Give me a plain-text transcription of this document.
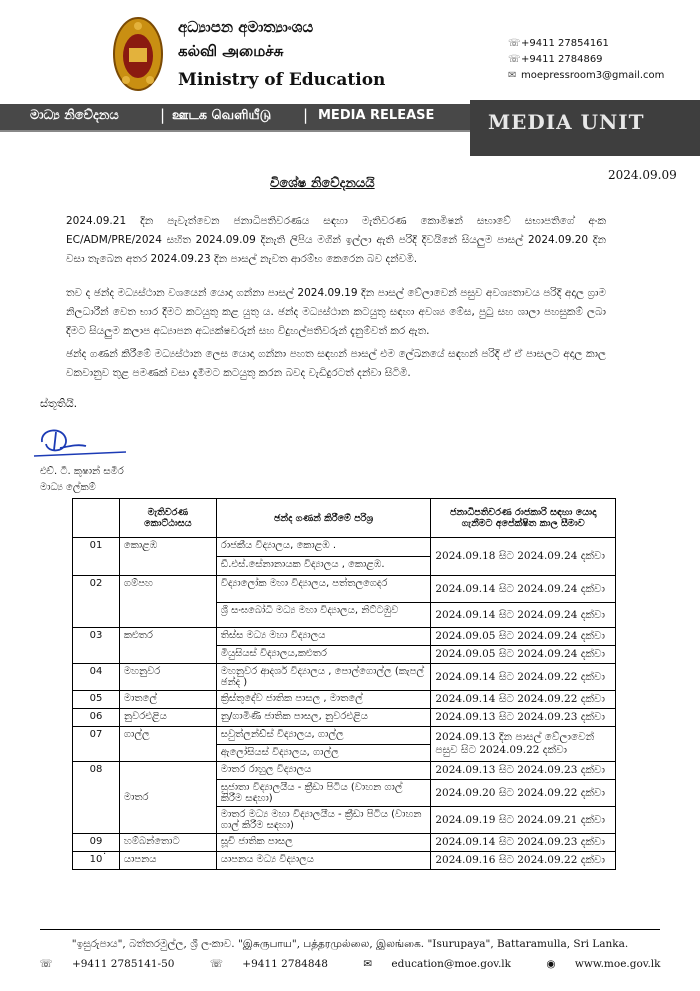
අධ්‍යාපන අමාත්‍යාංශය
கல்வி அமைச்சு
Ministry of Education
☏+9411 27854161
☏+9411 2784869
✉ moepressroom3@gmail.com
මාධ්‍ය නිවේදනය	| ஊடக வெளியீடு | MEDIA RELEASE	MEDIA UNIT
විශේෂ නිවේදනයයි
2024.09.09
2024.09.21 දින පැවැත්වෙන ජනාධිපතිවරණය සඳහා මැතිවරණ කොමිෂන් සභාවේ සභාපතිගේ අංක EC/ADM/PRE/2024 සහිත 2024.09.09 දිනැති ලිපිය මගින් ඉල්ලා ඇති පරිදි දිවයිනේ සියලුම පාසල් 2024.09.20 දින වසා තැබෙන අතර 2024.09.23 දින පාසල් නැවත ආරම්භ කෙරෙන බව දන්වමි.
තව ද ඡන්ද මධ්‍යස්ථාන වශයෙන් යොදා ගන්නා පාසල් 2024.09.19 දින පාසල් වේලාවෙන් පසුව අවශ්‍යතාවය පරිදි අදාල ග්‍රාම නිලධාරීන් වෙත භාර දීමට කටයුතු කළ යුතු ය. ඡන්ද මධ්‍යස්ථාන කටයුතු සඳහා අවශ්‍ය මේස, පුටු සහ ශාලා පහසුකම් ලබා දීමට සියලුම කලාප අධ්‍යාපන අධ්‍යක්ෂවරුන් සහ විදුහල්පතිවරුන් දැනුම්වත් කර ඇත.
ඡන්ද ගණන් කිරීමේ මධ්‍යස්ථාන ලෙස යොදා ගන්නා පහත සඳහන් පාසල් එම ලේඛනයේ සඳහන් පරිදි ඒ ඒ පාසලට අදාල කාල වකවානුව තුළ පමණක් වසා දැමීමට කටයුතු කරන බවද වැඩිදුරටත් දන්වා සිටිමි.
ස්තූතියි.
එච්. ටී. කුෂාන් සමීර
මාධ්‍ය ලේකම්
	මැතිවරණ කොට්ඨාසය	ඡන්ද ගණන් කිරීමේ පරිශ්‍ර	ජනාධිපතිවරණ රාජකාරි සඳහා යොදා ගැනීමට අපේක්ෂිත කාල සීමාව
01	කොළඹ	රාජකීය විද්‍යාලය, කොළඹ .	2024.09.18 සිට 2024.09.24 දක්වා
		ඩී.එස්.සේනානායක විද්‍යාලය , කොළඹ.	
02	ගම්පහ	විද්‍යාලෝක මහා විද්‍යාලය, පත්තලගෙදර	2024.09.14 සිට 2024.09.24 දක්වා
		ශ්‍රී සංඝබෝධි මධ්‍ය මහා විද්‍යාලය, නිට්ටඹුව	2024.09.14 සිට 2024.09.24 දක්වා
03	කළුතර	තිස්ස මධ්‍ය මහා විද්‍යාලය	2024.09.05 සිට 2024.09.24 දක්වා
		මියුසියස් විද්‍යාලය,කළුතර	2024.09.05 සිට 2024.09.24 දක්වා
04	මහනුවර	මහනුවර ආදර්ශ විද්‍යාලය , පොල්ගොල්ල (කැපල් ඡන්ද )	2024.09.14 සිට 2024.09.22 දක්වා
05	මාතලේ	ක්‍රිස්තුදේව ජාතික පාසල , මාතලේ	2024.09.14 සිට 2024.09.22 දක්වා
06	නුවරඑළිය	නු/ගාමිණි ජාතික පාසල, නුවරඑළිය	2024.09.13 සිට 2024.09.23 දක්වා
07	ගාල්ල	සවුත්ලන්ඩ්ස් විද්‍යාලය, ගාල්ල	2024.09.13 දින පාසල් වේලාවෙන් පසුව සිට 2024.09.22 දක්වා
		ඇලෝසියස් විද්‍යාලය, ගාල්ල	
08	මාතර	මාතර රාහුල විද්‍යාලය	2024.09.13 සිට 2024.09.23 දක්වා
		සුජාතා විද්‍යාලයීය - ක්‍රීඩා පිටිය (වාහන ගාල් කිරීම සඳහා)	2024.09.20 සිට 2024.09.22 දක්වා
		මාතර මධ්‍ය මහා විද්‍යාලයීය - ක්‍රීඩා පිටිය (වාහන ගාල් කිරීම සඳහා)	2024.09.19 සිට 2024.09.21 දක්වා
09	හම්බන්තොට	සූචි ජාතික පාසල	2024.09.14 සිට 2024.09.23 දක්වා
10	යාපනය	යාපනය මධ්‍ය විද්‍යාලය	2024.09.16 සිට 2024.09.22 දක්වා
"ඉසුරුපාය", බත්තරමුල්ල, ශ්‍රී ලංකාව. "இசுருபாய", பத்தரமுல்லை, இலங்கை. "Isurupaya", Battaramulla, Sri Lanka.
☏ +9411 2785141-50	☏ +9411 2784848	✉ education@moe.gov.lk	◉ www.moe.gov.lk
.
